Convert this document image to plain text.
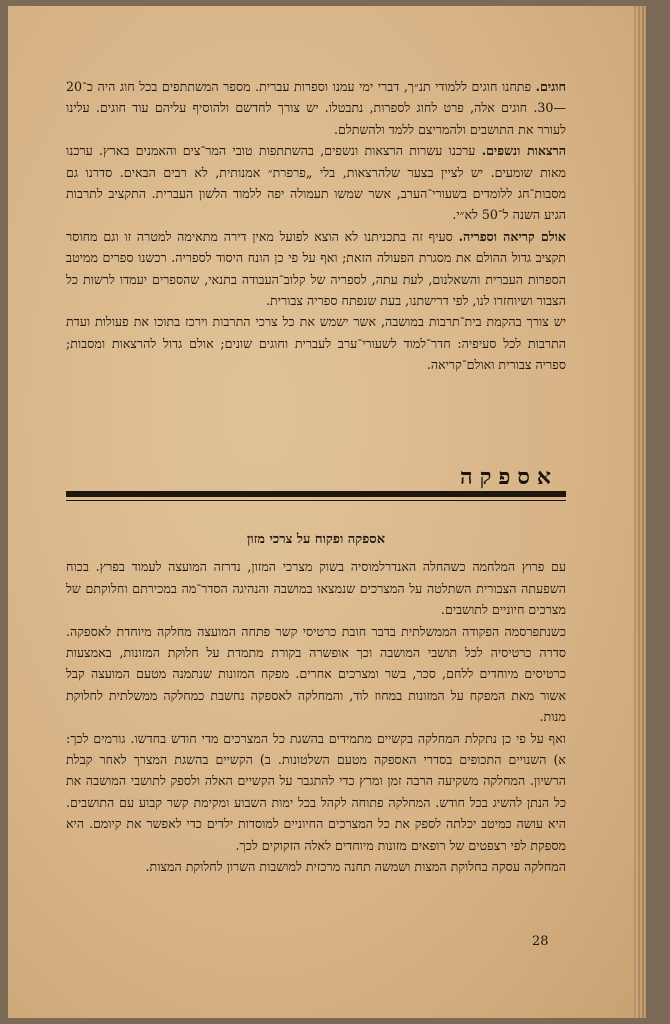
חוגים. פתחנו חוגים ללמודי תנ״ך, דברי ימי עמנו וספרות עברית. מספר המשתתפים בכל חוג היה כ־20—30. חוגים אלה, פרט לחוג לספרות, נתבטלו. יש צורך לחדשם ולהוסיף עליהם עוד חוגים. עלינו לעורר את התושבים ולהמריצם ללמד ולהשתלם.

הרצאות ונשפים. ערכנו עשרות הרצאות ונשפים, בהשתתפות טובי המר־צים והאמנים בארץ. ערכנו מאות שומעים. יש לציין בצער שלהרצאות, בלי „פרפרת״ אמנותית, לא רבים הבאים. סדרנו גם מסבות־חג ללומדים בשעורי־הערב, אשר שמשו תעמולה יפה ללמוד הלשון העברית. התקציב לתרבות הגיע השנה ל־50 לא״י.

אולם קריאה וספריה. סעיף זה בתכניתנו לא הוצא לפועל מאין דירה מתאימה למטרה זו וגם מחוסר תקציב גדול ההולם את מסגרת הפעולה הזאת; ואף על פי כן הונח היסוד לספריה. רכשנו ספרים ממיטב הספרות העברית והשאלנום, לעת עתה, לספריה של קלוב־העבודה בתנאי, שהספרים יעמדו לרשות כל הצבור ושיוחזרו לנו, לפי דרישתנו, בעת שנפתח ספריה צבורית.

יש צורך בהקמת בית־תרבות במושבה, אשר ישמש את כל צרכי התרבות וירכז בתוכו את פעולות ועדת התרבות לכל סעיפיה: חדר־למוד לשעורי־ערב לעברית וחוגים שונים; אולם גדול להרצאות ומסבות; ספריה צבורית ואולם־קריאה.

אספקה

אספקה ופקוח על צרכי מזון

עם פרוץ המלחמה כשהחלה האנדרלמוסיה בשוק מצרכי המזון, נדרזה המועצה לעמוד בפרץ. בכוח השפעתה הצבורית השתלטה על המצרכים שנמצאו במושבה והנהיגה הסדר־מה במכירתם וחלוקתם של מצרכים חיוניים לתושבים.

כשנתפרסמה הפקודה הממשלתית בדבר חובת כרטיסי קשר פתחה המועצה מחלקה מיוחדת לאספקה. סדרה כרטיסיה לכל תושבי המושבה וכך אופשרה בקורת מתמדת על חלוקת המזונות, באמצעות כרטיסים מיוחדים ללחם, סכר, בשר ומצרכים אחרים. מפקח המזונות שנתמנה מטעם המועצה קבל אשור מאת המפקח על המזונות במחוז לוד, והמחלקה לאספקה נחשבת כמחלקה ממשלתית לחלוקת מנות.

ואף על פי כן נתקלת המחלקה בקשיים מתמידים בהשגת כל המצרכים מדי חודש בחדשו. גורמים לכך: א) השנויים התכופים בסדרי האספקה מטעם השלטונות. ב) הקשיים בהשגת המצרך לאחר קבלת הרשיון. המחלקה משקיעה הרבה זמן ומרץ כדי להתגבר על הקשיים האלה ולספק לתושבי המושבה את כל הנתן להשיג בכל חודש. המחלקה פתוחה לקהל בכל ימות השבוע ומקימת קשר קבוע עם התושבים. היא עושה כמיטב יכלתה לספק את כל המצרכים החיוניים למוסדות ילדים כדי לאפשר את קיומם. היא מספקת לפי רצפטים של רופאים מזונות מיוחדים לאלה הזקוקים לכך.

המחלקה עסקה בחלוקת המצות ושמשה תחנה מרכזית למושבות השרון לחלוקת המצות.

28
